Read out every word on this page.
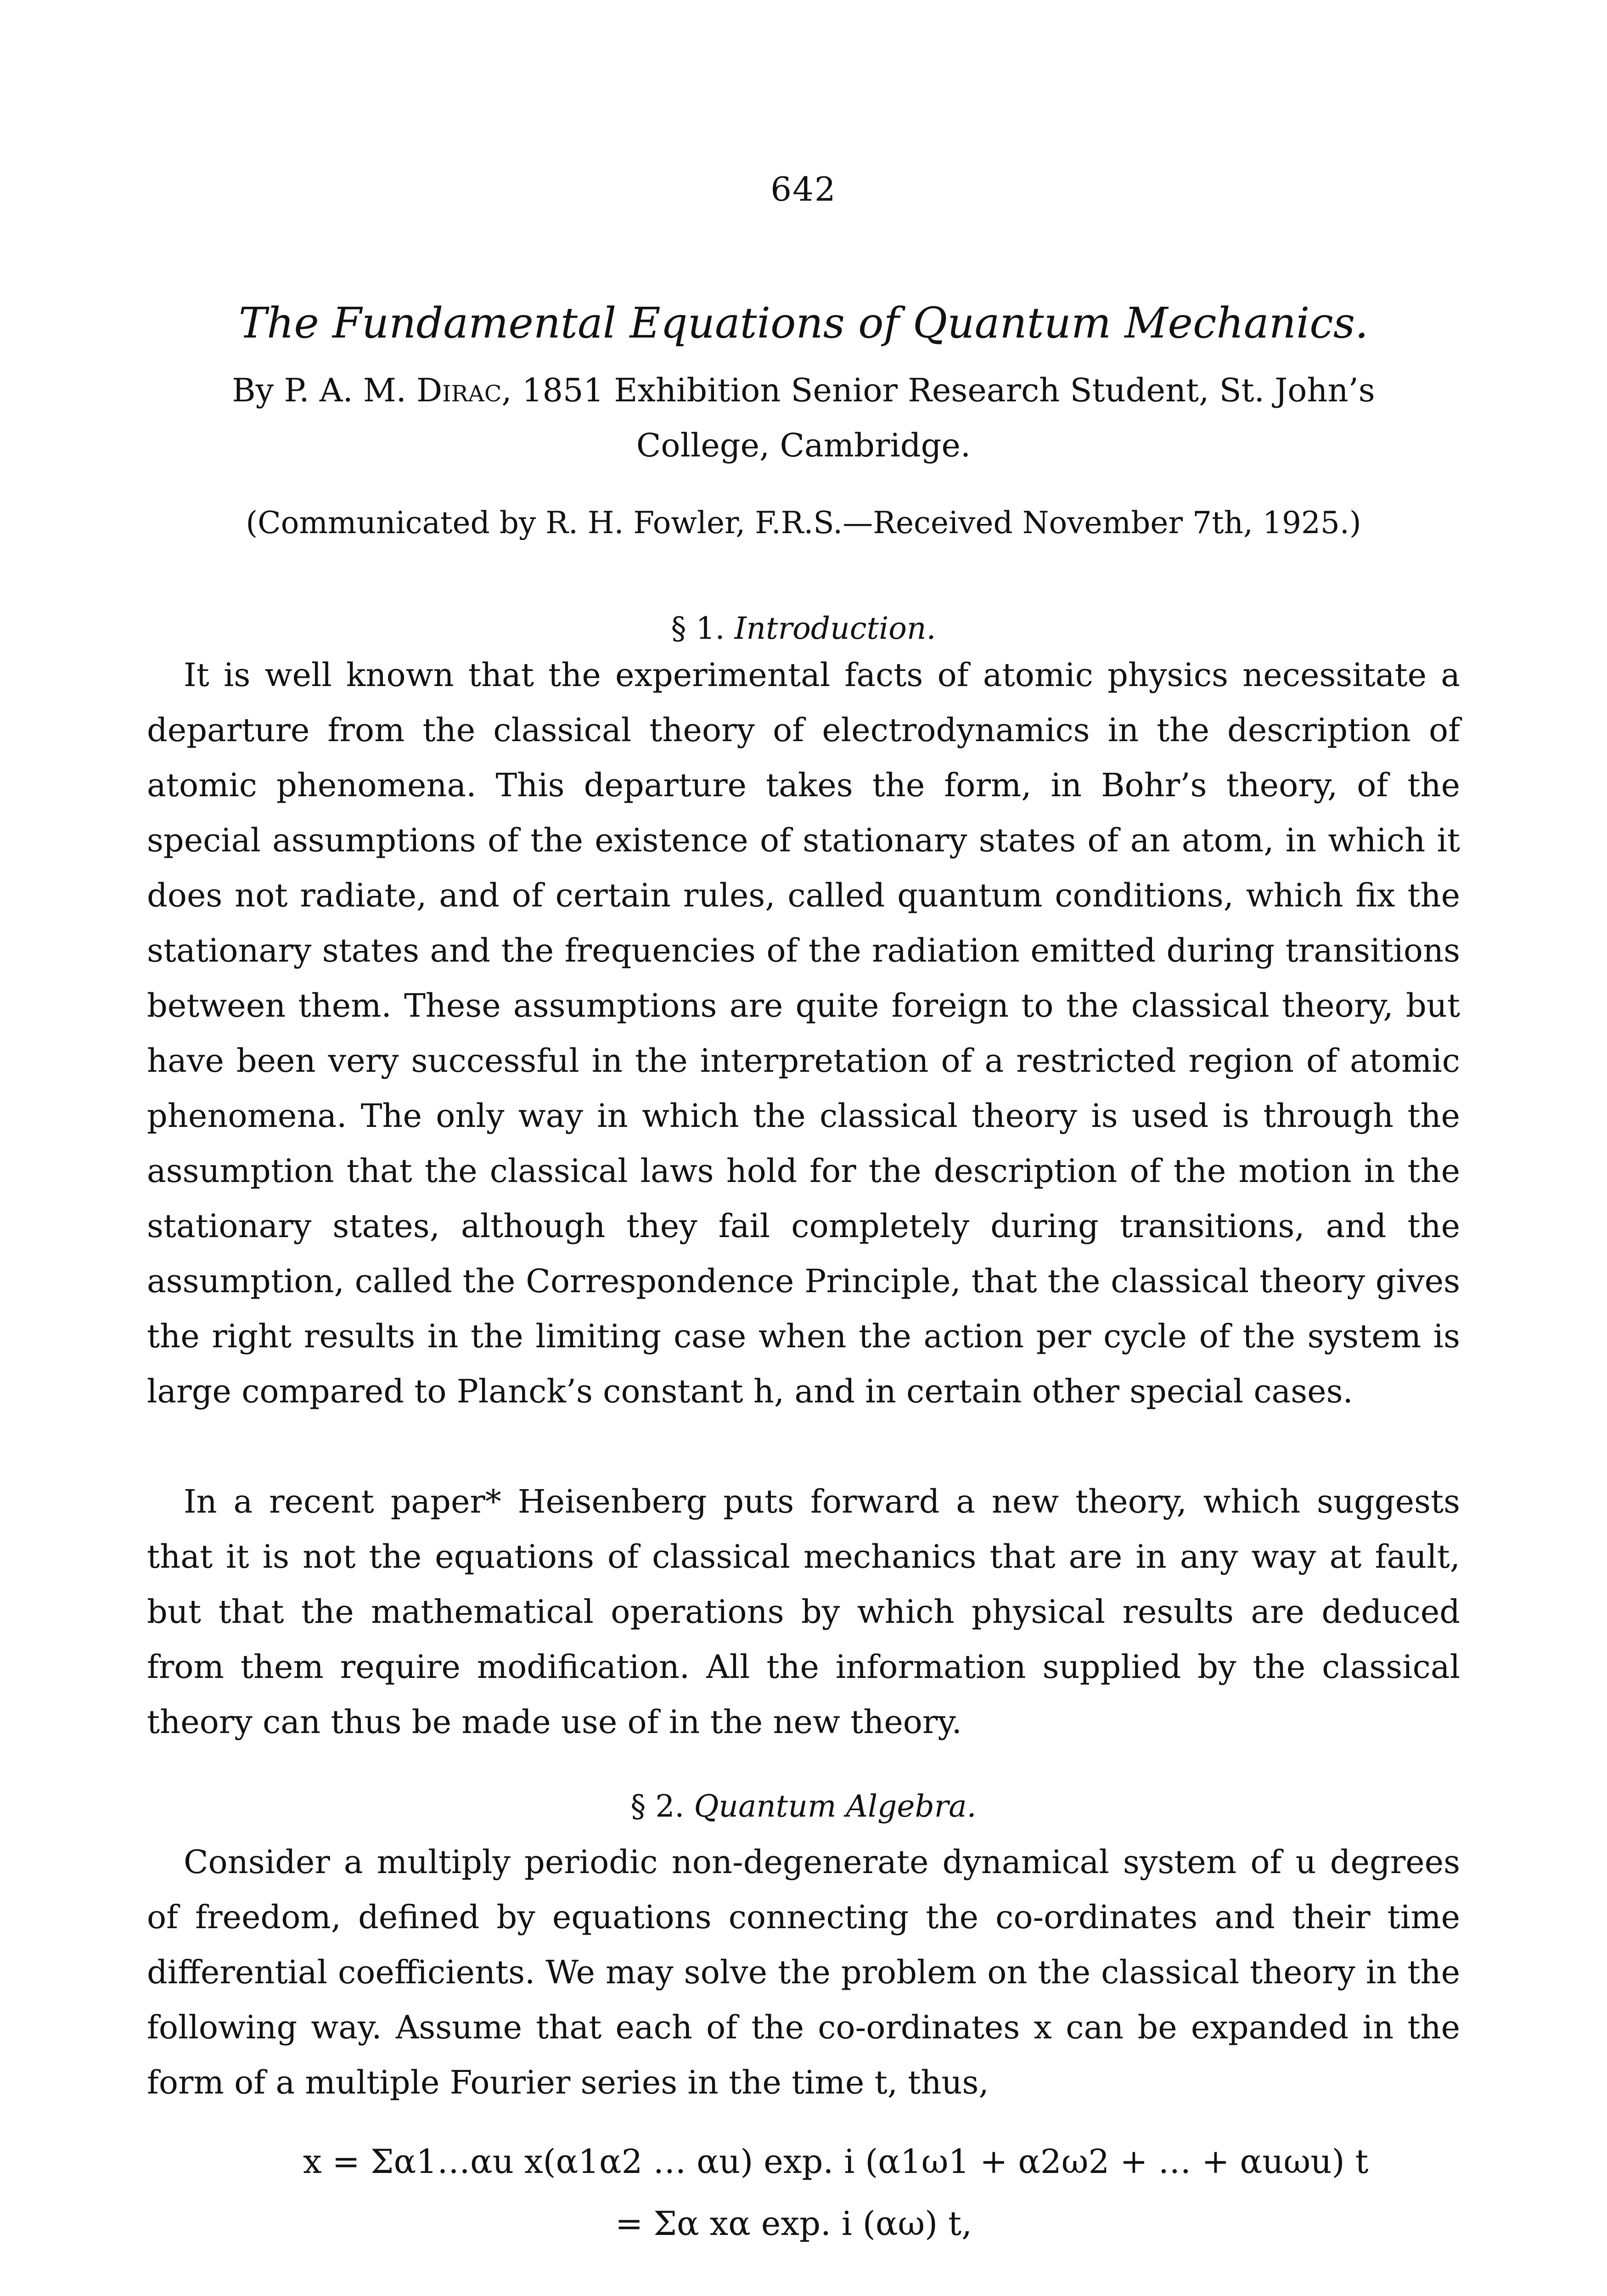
642
The Fundamental Equations of Quantum Mechanics.
By P. A. M. Dirac, 1851 Exhibition Senior Research Student, St. John’s
College, Cambridge.
(Communicated by R. H. Fowler, F.R.S.—Received November 7th, 1925.)
§ 1. Introduction.

It is well known that the experimental facts of atomic physics necessitate a departure from the classical theory of electrodynamics in the description of atomic phenomena. This departure takes the form, in Bohr’s theory, of the special assumptions of the existence of stationary states of an atom, in which it does not radiate, and of certain rules, called quantum conditions, which fix the stationary states and the frequencies of the radiation emitted during transitions between them. These assumptions are quite foreign to the classical theory, but have been very successful in the interpretation of a restricted region of atomic phenomena. The only way in which the classical theory is used is through the assumption that the classical laws hold for the description of the motion in the stationary states, although they fail completely during transitions, and the assumption, called the Correspondence Principle, that the classical theory gives the right results in the limiting case when the action per cycle of the system is large compared to Planck’s constant h, and in certain other special cases.

In a recent paper* Heisenberg puts forward a new theory, which suggests that it is not the equations of classical mechanics that are in any way at fault, but that the mathematical operations by which physical results are deduced from them require modification. All the information supplied by the classical theory can thus be made use of in the new theory.

§ 2. Quantum Algebra.

Consider a multiply periodic non-degenerate dynamical system of u degrees of freedom, defined by equations connecting the co-ordinates and their time differential coefficients. We may solve the problem on the classical theory in the following way. Assume that each of the co-ordinates x can be expanded in the form of a multiple Fourier series in the time t, thus,

x = Σα1…αu x(α1α2 … αu) exp. i (α1ω1 + α2ω2 + … + αuωu) t
= Σα xα exp. i (αω) t,
